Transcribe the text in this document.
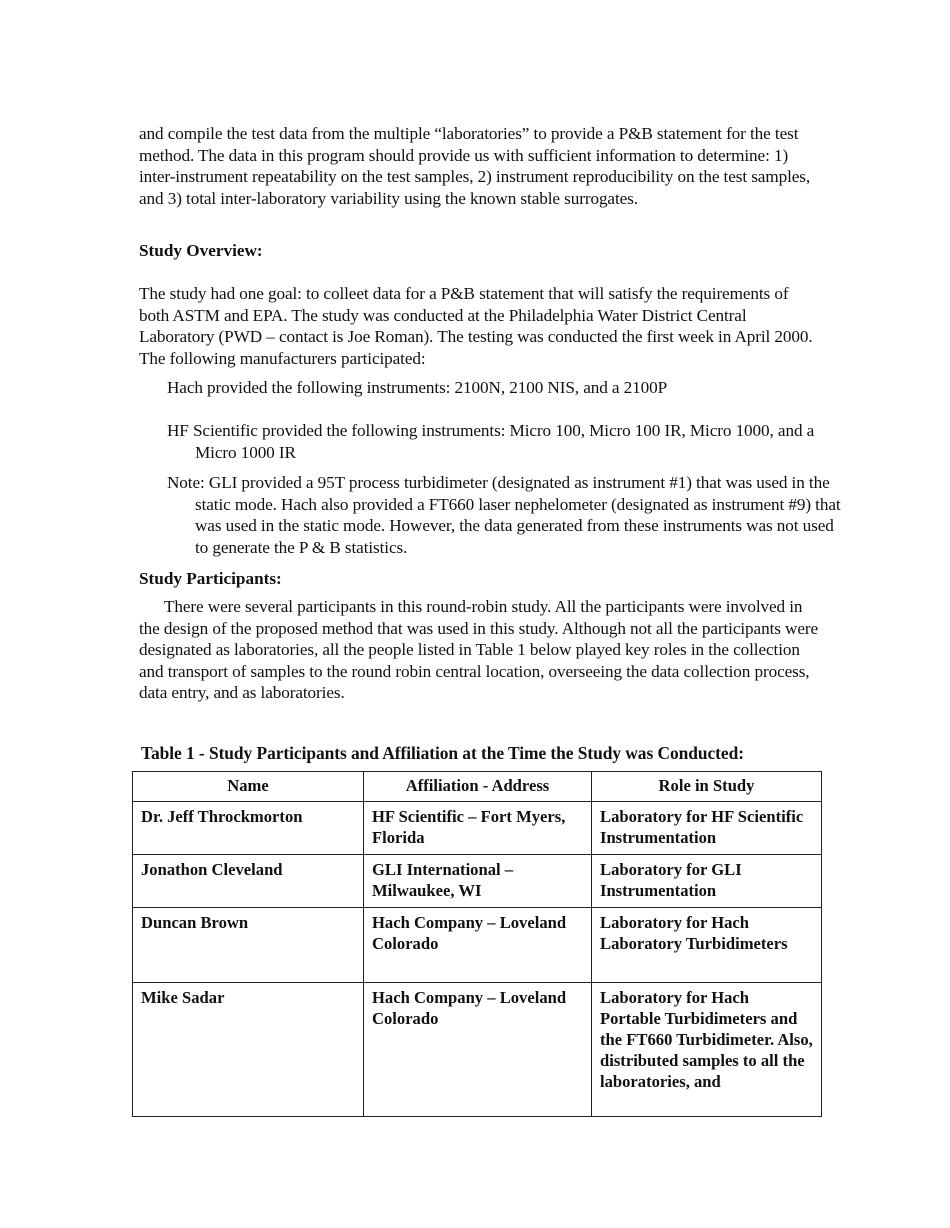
and compile the test data from the multiple “laboratories” to provide a P&B statement for the test method. The data in this program should provide us with sufficient information to determine: 1) inter-instrument repeatability on the test samples, 2) instrument reproducibility on the test samples, and 3) total inter-laboratory variability using the known stable surrogates.

Study Overview:

The study had one goal: to colleet data for a P&B statement that will satisfy the requirements of both ASTM and EPA. The study was conducted at the Philadelphia Water District Central Laboratory (PWD – contact is Joe Roman). The testing was conducted the first week in April 2000. The following manufacturers participated:

Hach provided the following instruments: 2100N, 2100 NIS, and a 2100P

HF Scientific provided the following instruments: Micro 100, Micro 100 IR, Micro 1000, and a Micro 1000 IR

Note: GLI provided a 95T process turbidimeter (designated as instrument #1) that was used in the static mode. Hach also provided a FT660 laser nephelometer (designated as instrument #9) that was used in the static mode. However, the data generated from these instruments was not used to generate the P & B statistics.

Study Participants:

There were several participants in this round-robin study. All the participants were involved in the design of the proposed method that was used in this study. Although not all the participants were designated as laboratories, all the people listed in Table 1 below played key roles in the collection and transport of samples to the round robin central location, overseeing the data collection process, data entry, and as laboratories.

Table 1 - Study Participants and Affiliation at the Time the Study was Conducted:

Name	Affiliation - Address	Role in Study
Dr. Jeff Throckmorton	HF Scientific – Fort Myers, Florida	Laboratory for HF Scientific Instrumentation
Jonathon Cleveland	GLI International – Milwaukee, WI	Laboratory for GLI Instrumentation
Duncan Brown	Hach Company – Loveland Colorado	Laboratory for Hach Laboratory Turbidimeters
Mike Sadar	Hach Company – Loveland Colorado	Laboratory for Hach Portable Turbidimeters and the FT660 Turbidimeter. Also, distributed samples to all the laboratories, and
